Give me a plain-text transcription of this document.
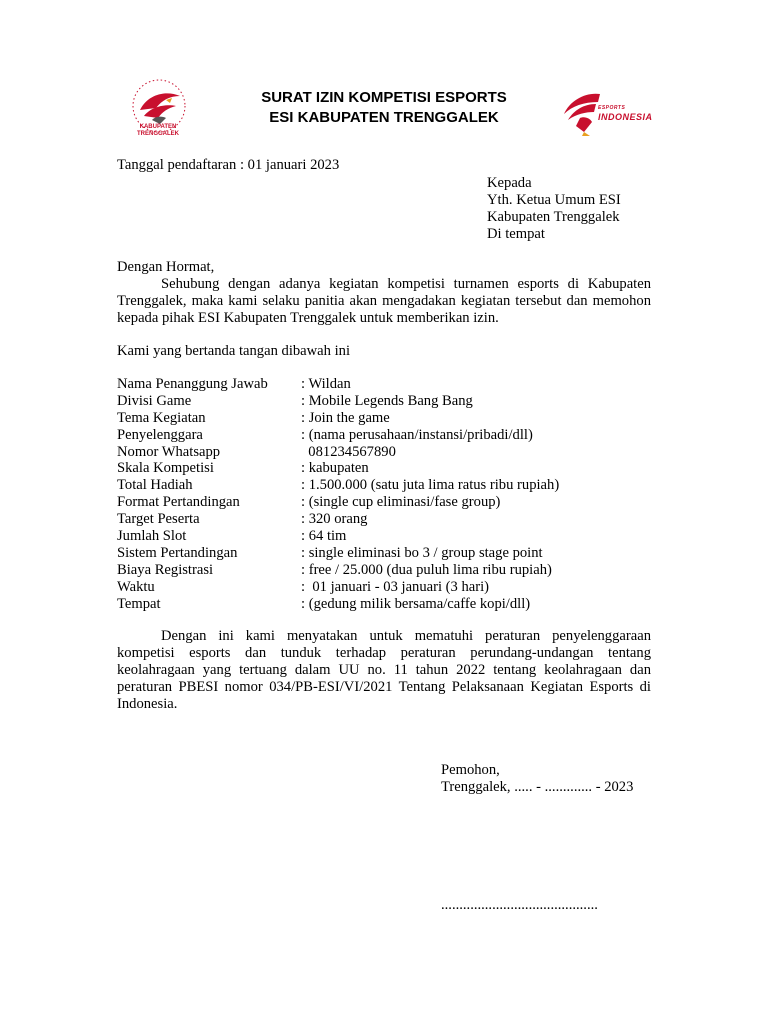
KABUPATEN
TRENGGALEK
SURAT IZIN KOMPETISI ESPORTS
ESI KABUPATEN TRENGGALEK
ESPORTS
INDONESIA
Tanggal pendaftaran : 01 januari 2023
Kepada
Yth. Ketua Umum ESI
Kabupaten Trenggalek
Di tempat
Dengan Hormat,
Sehubung dengan adanya kegiatan kompetisi turnamen esports di Kabupaten Trenggalek, maka kami selaku panitia akan mengadakan kegiatan tersebut dan memohon kepada pihak ESI Kabupaten Trenggalek untuk memberikan izin.
Kami yang bertanda tangan dibawah ini
Nama Penanggung Jawab : Wildan
Divisi Game	: Mobile Legends Bang Bang
Tema Kegiatan	: Join the game
Penyelenggara	: (nama perusahaan/instansi/pribadi/dll)
Nomor Whatsapp	081234567890
Skala Kompetisi	: kabupaten
Total Hadiah	: 1.500.000 (satu juta lima ratus ribu rupiah)
Format Pertandingan	: (single cup eliminasi/fase group)
Target Peserta	: 320 orang
Jumlah Slot	: 64 tim
Sistem Pertandingan	: single eliminasi bo 3 / group stage point
Biaya Registrasi	: free / 25.000 (dua puluh lima ribu rupiah)
Waktu	:  01 januari - 03 januari (3 hari)
Tempat	: (gedung milik bersama/caffe kopi/dll)
Dengan ini kami menyatakan untuk mematuhi peraturan penyelenggaraan kompetisi esports dan tunduk terhadap peraturan perundang-undangan tentang keolahragaan yang tertuang dalam UU no. 11 tahun 2022 tentang keolahragaan dan peraturan PBESI nomor 034/PB-ESI/VI/2021 Tentang Pelaksanaan Kegiatan Esports di Indonesia.
Pemohon,
Trenggalek, ..... - ............. - 2023
...........................................
